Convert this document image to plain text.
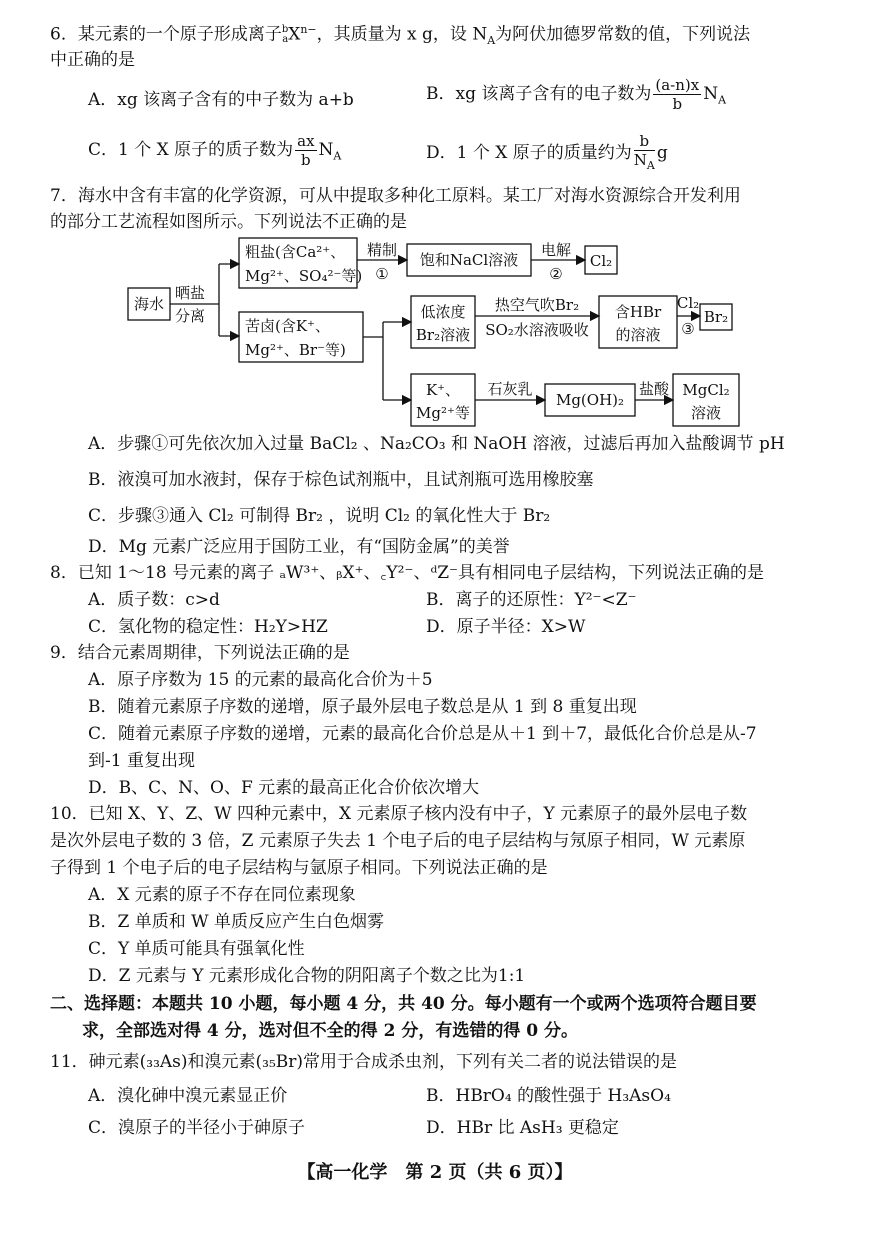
6．某元素的一个原子形成离子 b
a $X^{n-}$，其质量为 x g，设 $N_A$为阿伏加德罗常数的值，下列说法
中正确的是
A．xg 该离子含有的中子数为 a+b	B．xg 该离子含有的电子数为 $\frac{(a-n)x}{b} N_A$
C．1 个 X 原子的质子数为 $\frac{ax}{b} N_A$	D．1 个 X 原子的质量约为 $\frac{b}{N_A}$ g
7．海水中含有丰富的化学资源，可从中提取多种化工原料。某工厂对海水资源综合开发利用
的部分工艺流程如图所示。下列说法不正确的是
海水
晒盐
分离
粗盐(含Ca²⁺、
Mg²⁺、SO₄²⁻等)
精制
①
饱和NaCl溶液
电解
②
Cl₂
苦卤(含K⁺、
Mg²⁺、Br⁻等)
低浓度
Br₂溶液
热空气吹Br₂
SO₂水溶液吸收
含HBr
的溶液
Cl₂
③
Br₂
K⁺、
Mg²⁺等
石灰乳
Mg(OH)₂
盐酸 MgCl₂
溶液
A．步骤①可先依次加入过量 BaCl₂ 、Na₂CO₃ 和 NaOH 溶液，过滤后再加入盐酸调节 pH
B．液溴可加水液封，保存于棕色试剂瓶中，且试剂瓶可选用橡胶塞
C．步骤③通入 Cl₂ 可制得 Br₂ ，说明 Cl₂ 的氧化性大于 Br₂
D．Mg 元素广泛应用于国防工业，有“国防金属”的美誉
8．已知 1～18 号元素的离子 ₐW³⁺、ᵦX⁺、꜀Y²⁻、ᵈZ⁻具有相同电子层结构，下列说法正确的是
A．质子数：c>d	B．离子的还原性：Y²⁻<Z⁻
C．氢化物的稳定性：H₂Y>HZ	D．原子半径：X>W
9．结合元素周期律，下列说法正确的是
A．原子序数为 15 的元素的最高化合价为＋5
B．随着元素原子序数的递增，原子最外层电子数总是从 1 到 8 重复出现
C．随着元素原子序数的递增，元素的最高化合价总是从＋1 到＋7，最低化合价总是从-7
到-1 重复出现
D．B、C、N、O、F 元素的最高正化合价依次增大
10．已知 X、Y、Z、W 四种元素中，X 元素原子核内没有中子，Y 元素原子的最外层电子数
是次外层电子数的 3 倍，Z 元素原子失去 1 个电子后的电子层结构与氖原子相同，W 元素原
子得到 1 个电子后的电子层结构与氩原子相同。下列说法正确的是
A．X 元素的原子不存在同位素现象
B．Z 单质和 W 单质反应产生白色烟雾
C．Y 单质可能具有强氧化性
D．Z 元素与 Y 元素形成化合物的阴阳离子个数之比为1:1
二、选择题：本题共 10 小题，每小题 4 分，共 40 分。每小题有一个或两个选项符合题目要
求，全部选对得 4 分，选对但不全的得 2 分，有选错的得 0 分。
11．砷元素(₃₃As)和溴元素(₃₅Br)常用于合成杀虫剂，下列有关二者的说法错误的是
A．溴化砷中溴元素显正价	B．HBrO₄ 的酸性强于 H₃AsO₄
C．溴原子的半径小于砷原子	D．HBr 比 AsH₃ 更稳定
【高一化学　第 2 页（共 6 页）】
